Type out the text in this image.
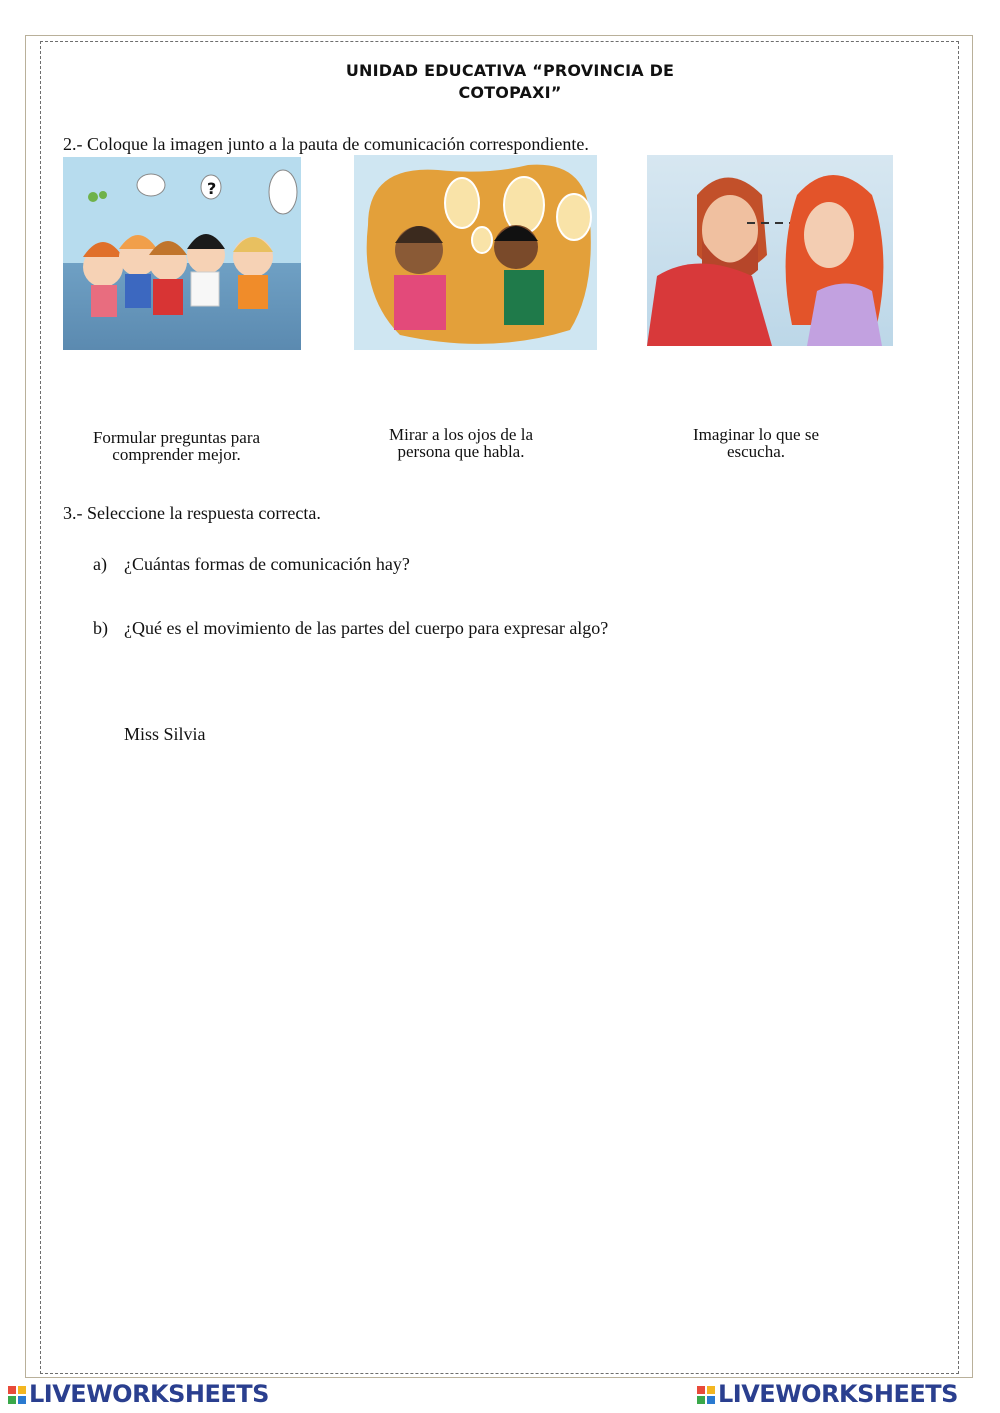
UNIDAD EDUCATIVA “PROVINCIA DE
COTOPAXI”
2.- Coloque la imagen junto a la pauta de comunicación correspondiente.
?
Formular preguntas para
comprender mejor.
Mirar a los ojos de la
persona que habla.
Imaginar lo que se
escucha.
3.- Seleccione la respuesta correcta.
a) ¿Cuántas formas de comunicación hay?
b) ¿Qué es el movimiento de las partes del cuerpo para expresar algo?
Miss Silvia
LIVEWORKSHEETS	LIVEWORKSHEETS
